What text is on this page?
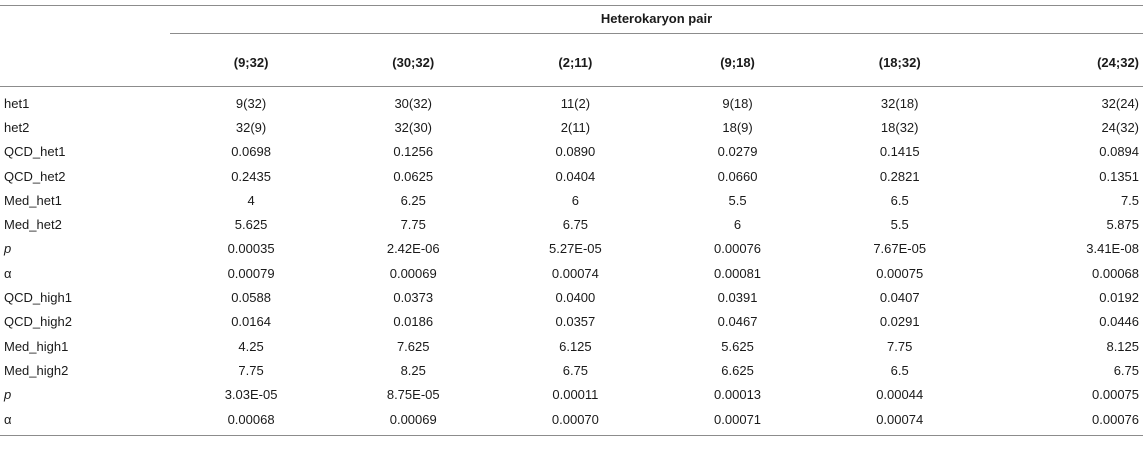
	Heterokaryon pair					

	(9;32)	(30;32)	(2;11)	(9;18)	(18;32)	(24;32)
het1	9(32)	30(32)	11(2)	9(18)	32(18)	32(24)
het2	32(9)	32(30)	2(11)	18(9)	18(32)	24(32)
QCD_het1	0.0698	0.1256	0.0890	0.0279	0.1415	0.0894
QCD_het2	0.2435	0.0625	0.0404	0.0660	0.2821	0.1351
Med_het1	4	6.25	6	5.5	6.5	7.5
Med_het2	5.625	7.75	6.75	6	5.5	5.875
p	0.00035	2.42E-06	5.27E-05	0.00076	7.67E-05	3.41E-08
α	0.00079	0.00069	0.00074	0.00081	0.00075	0.00068
QCD_high1	0.0588	0.0373	0.0400	0.0391	0.0407	0.0192
QCD_high2	0.0164	0.0186	0.0357	0.0467	0.0291	0.0446
Med_high1	4.25	7.625	6.125	5.625	7.75	8.125
Med_high2	7.75	8.25	6.75	6.625	6.5	6.75
p	3.03E-05	8.75E-05	0.00011	0.00013	0.00044	0.00075
α	0.00068	0.00069	0.00070	0.00071	0.00074	0.00076
